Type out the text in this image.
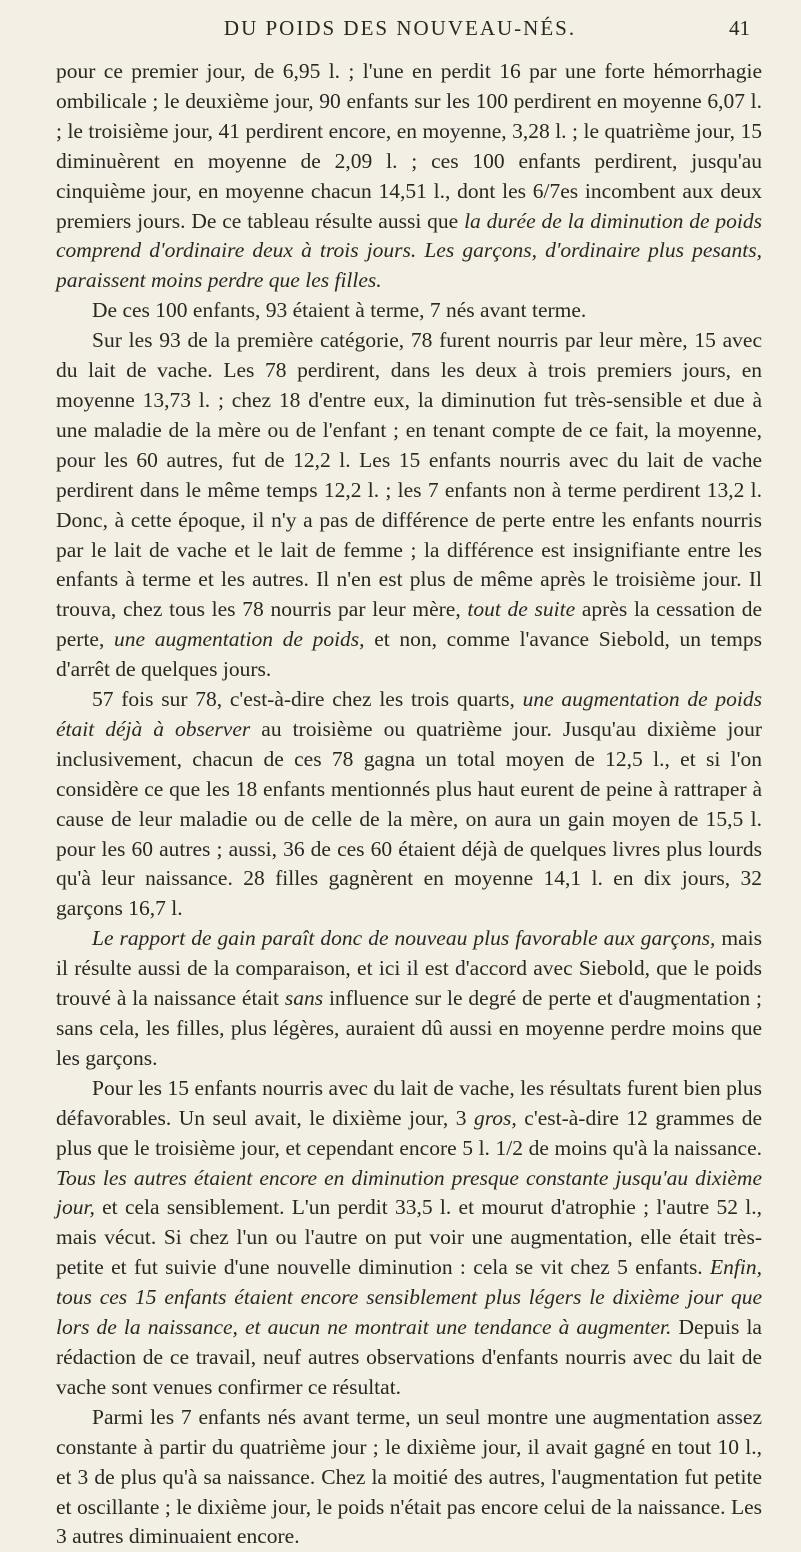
DU POIDS DES NOUVEAU-NÉS.	41

pour ce premier jour, de 6,95 l. ; l'une en perdit 16 par une forte hémorrhagie ombilicale ; le deuxième jour, 90 enfants sur les 100 perdirent en moyenne 6,07 l. ; le troisième jour, 41 perdirent encore, en moyenne, 3,28 l. ; le quatrième jour, 15 diminuèrent en moyenne de 2,09 l. ; ces 100 enfants perdirent, jusqu'au cinquième jour, en moyenne chacun 14,51 l., dont les 6/7es incombent aux deux premiers jours. De ce tableau résulte aussi que la durée de la diminution de poids comprend d'ordinaire deux à trois jours. Les garçons, d'ordinaire plus pesants, paraissent moins perdre que les filles.

De ces 100 enfants, 93 étaient à terme, 7 nés avant terme.

Sur les 93 de la première catégorie, 78 furent nourris par leur mère, 15 avec du lait de vache. Les 78 perdirent, dans les deux à trois premiers jours, en moyenne 13,73 l. ; chez 18 d'entre eux, la diminution fut très-sensible et due à une maladie de la mère ou de l'enfant ; en tenant compte de ce fait, la moyenne, pour les 60 autres, fut de 12,2 l. Les 15 enfants nourris avec du lait de vache perdirent dans le même temps 12,2 l. ; les 7 enfants non à terme perdirent 13,2 l. Donc, à cette époque, il n'y a pas de différence de perte entre les enfants nourris par le lait de vache et le lait de femme ; la différence est insignifiante entre les enfants à terme et les autres. Il n'en est plus de même après le troisième jour. Il trouva, chez tous les 78 nourris par leur mère, tout de suite après la cessation de perte, une augmentation de poids, et non, comme l'avance Siebold, un temps d'arrêt de quelques jours.

57 fois sur 78, c'est-à-dire chez les trois quarts, une augmentation de poids était déjà à observer au troisième ou quatrième jour. Jusqu'au dixième jour inclusivement, chacun de ces 78 gagna un total moyen de 12,5 l., et si l'on considère ce que les 18 enfants mentionnés plus haut eurent de peine à rattraper à cause de leur maladie ou de celle de la mère, on aura un gain moyen de 15,5 l. pour les 60 autres ; aussi, 36 de ces 60 étaient déjà de quelques livres plus lourds qu'à leur naissance. 28 filles gagnèrent en moyenne 14,1 l. en dix jours, 32 garçons 16,7 l.

Le rapport de gain paraît donc de nouveau plus favorable aux garçons, mais il résulte aussi de la comparaison, et ici il est d'accord avec Siebold, que le poids trouvé à la naissance était sans influence sur le degré de perte et d'augmentation ; sans cela, les filles, plus légères, auraient dû aussi en moyenne perdre moins que les garçons.

Pour les 15 enfants nourris avec du lait de vache, les résultats furent bien plus défavorables. Un seul avait, le dixième jour, 3 gros, c'est-à-dire 12 grammes de plus que le troisième jour, et cependant encore 5 l. 1/2 de moins qu'à la naissance. Tous les autres étaient encore en diminution presque constante jusqu'au dixième jour, et cela sensiblement. L'un perdit 33,5 l. et mourut d'atrophie ; l'autre 52 l., mais vécut. Si chez l'un ou l'autre on put voir une augmentation, elle était très-petite et fut suivie d'une nouvelle diminution : cela se vit chez 5 enfants. Enfin, tous ces 15 enfants étaient encore sensiblement plus légers le dixième jour que lors de la naissance, et aucun ne montrait une tendance à augmenter. Depuis la rédaction de ce travail, neuf autres observations d'enfants nourris avec du lait de vache sont venues confirmer ce résultat.

Parmi les 7 enfants nés avant terme, un seul montre une augmentation assez constante à partir du quatrième jour ; le dixième jour, il avait gagné en tout 10 l., et 3 de plus qu'à sa naissance. Chez la moitié des autres, l'augmentation fut petite et oscillante ; le dixième jour, le poids n'était pas encore celui de la naissance. Les 3 autres diminuaient encore.
